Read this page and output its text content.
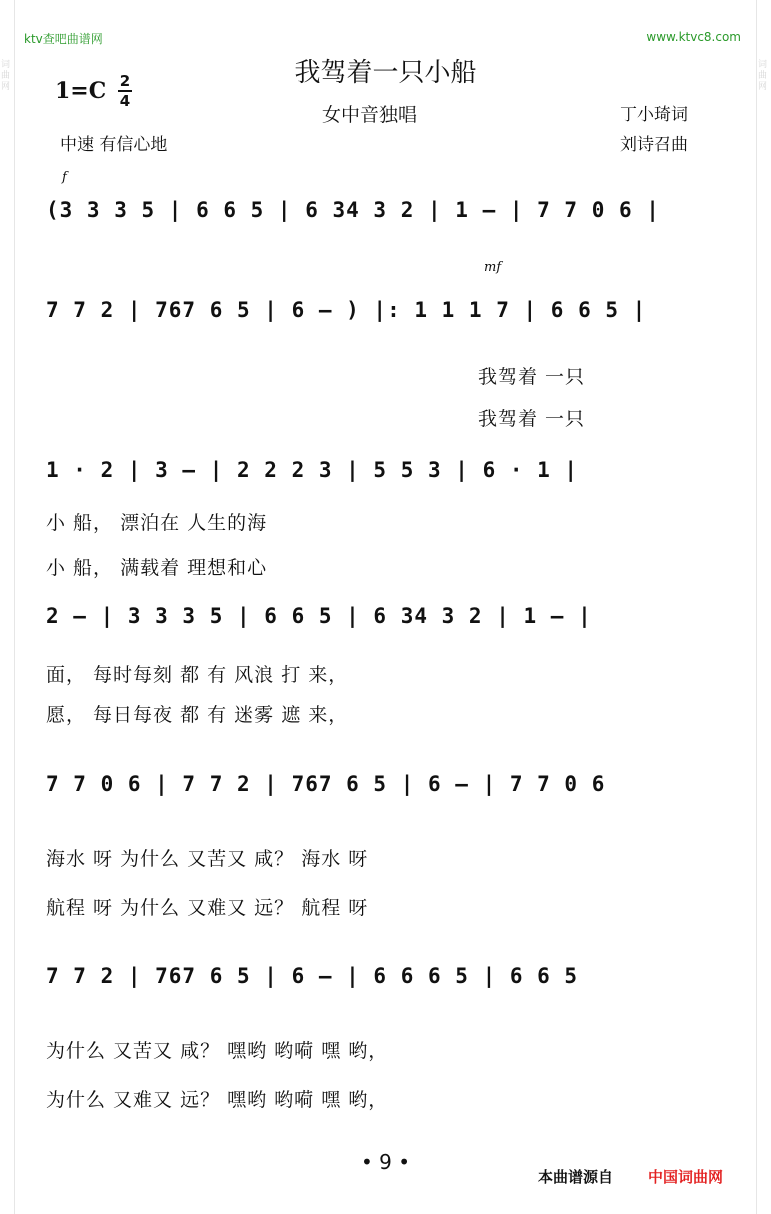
词曲网
词曲网
ktv查吧曲谱网	www.ktvc8.com
我驾着一只小船
1=C 2
4
女中音独唱	丁小琦词
刘诗召曲
中速 有信心地
f
(3 3 3 5 | 6 6 5 | 6 34 3 2 | 1 — | 7 7 0 6 |
mf
7 7 2 | 767 6 5 | 6 — ) |: 1 1 1 7 | 6 6 5 |
我驾着 一只
我驾着 一只
1 · 2 | 3 — | 2 2 2 3 | 5 5 3 | 6 · 1 |
小 船， 漂泊在 人生的海
小 船， 满载着 理想和心
2 — | 3 3 3 5 | 6 6 5 | 6 34 3 2 | 1 — |
面， 每时每刻 都 有 风浪 打 来，
愿， 每日每夜 都 有 迷雾 遮 来，
7 7 0 6 | 7 7 2 | 767 6 5 | 6 — | 7 7 0 6
海水 呀 为什么 又苦又 咸？ 海水 呀
航程 呀 为什么 又难又 远？ 航程 呀
7 7 2 | 767 6 5 | 6 — | 6 6 6 5 | 6 6 5
为什么 又苦又 咸？ 嘿哟 哟嗬 嘿 哟，
为什么 又难又 远？ 嘿哟 哟嗬 嘿 哟，
• 9 •
本曲谱源自 中国词曲网
